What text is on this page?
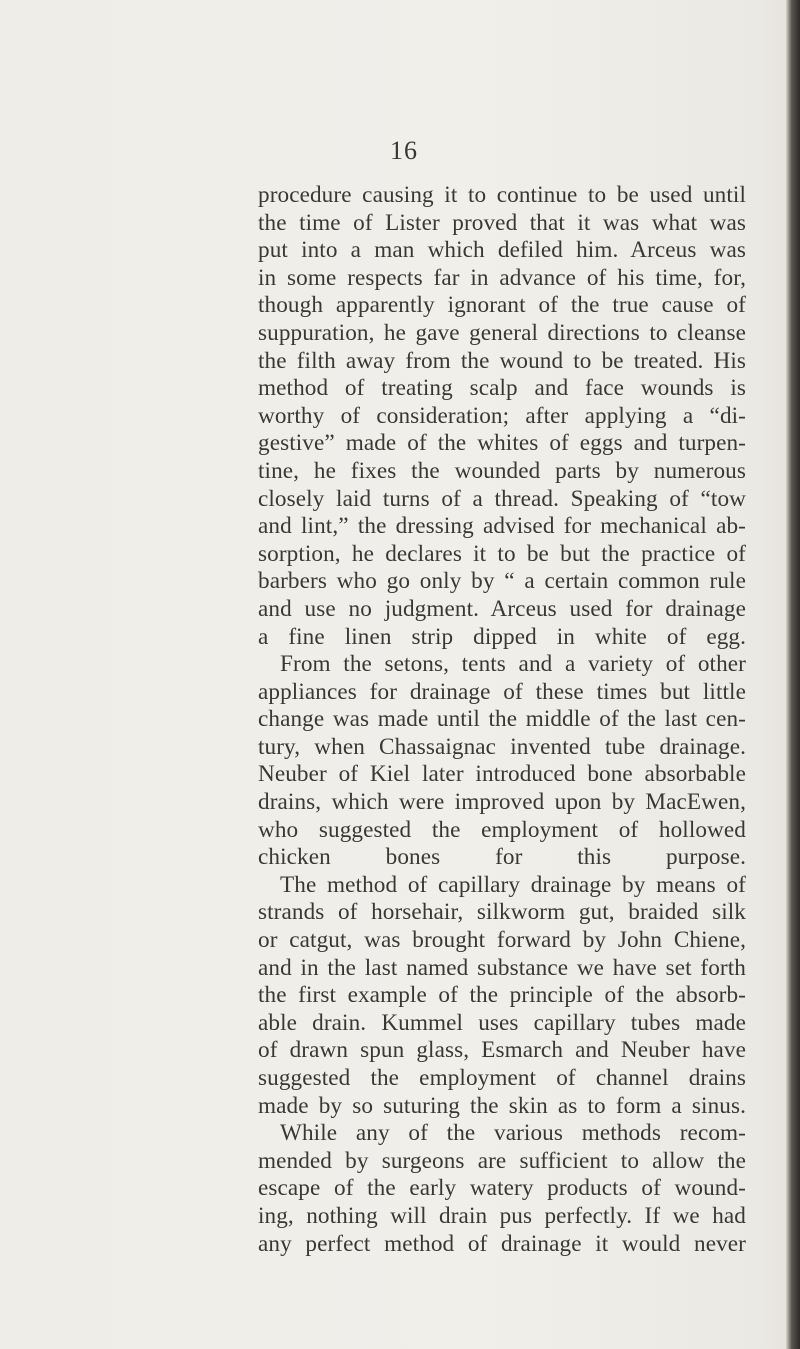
16
procedure causing it to continue to be used until
the time of Lister proved that it was what was
put into a man which defiled him. Arceus was
in some respects far in advance of his time, for,
though apparently ignorant of the true cause of
suppuration, he gave general directions to cleanse
the filth away from the wound to be treated. His
method of treating scalp and face wounds is
worthy of consideration; after applying a “di-
gestive” made of the whites of eggs and turpen-
tine, he fixes the wounded parts by numerous
closely laid turns of a thread. Speaking of “tow
and lint,” the dressing advised for mechanical ab-
sorption, he declares it to be but the practice of
barbers who go only by “ a certain common rule
and use no judgment. Arceus used for drainage
a fine linen strip dipped in white of egg.
From the setons, tents and a variety of other
appliances for drainage of these times but little
change was made until the middle of the last cen-
tury, when Chassaignac invented tube drainage.
Neuber of Kiel later introduced bone absorbable
drains, which were improved upon by MacEwen,
who suggested the employment of hollowed
chicken bones for this purpose.
The method of capillary drainage by means of
strands of horsehair, silkworm gut, braided silk
or catgut, was brought forward by John Chiene,
and in the last named substance we have set forth
the first example of the principle of the absorb-
able drain. Kummel uses capillary tubes made
of drawn spun glass, Esmarch and Neuber have
suggested the employment of channel drains
made by so suturing the skin as to form a sinus.
While any of the various methods recom-
mended by surgeons are sufficient to allow the
escape of the early watery products of wound-
ing, nothing will drain pus perfectly. If we had
any perfect method of drainage it would never
